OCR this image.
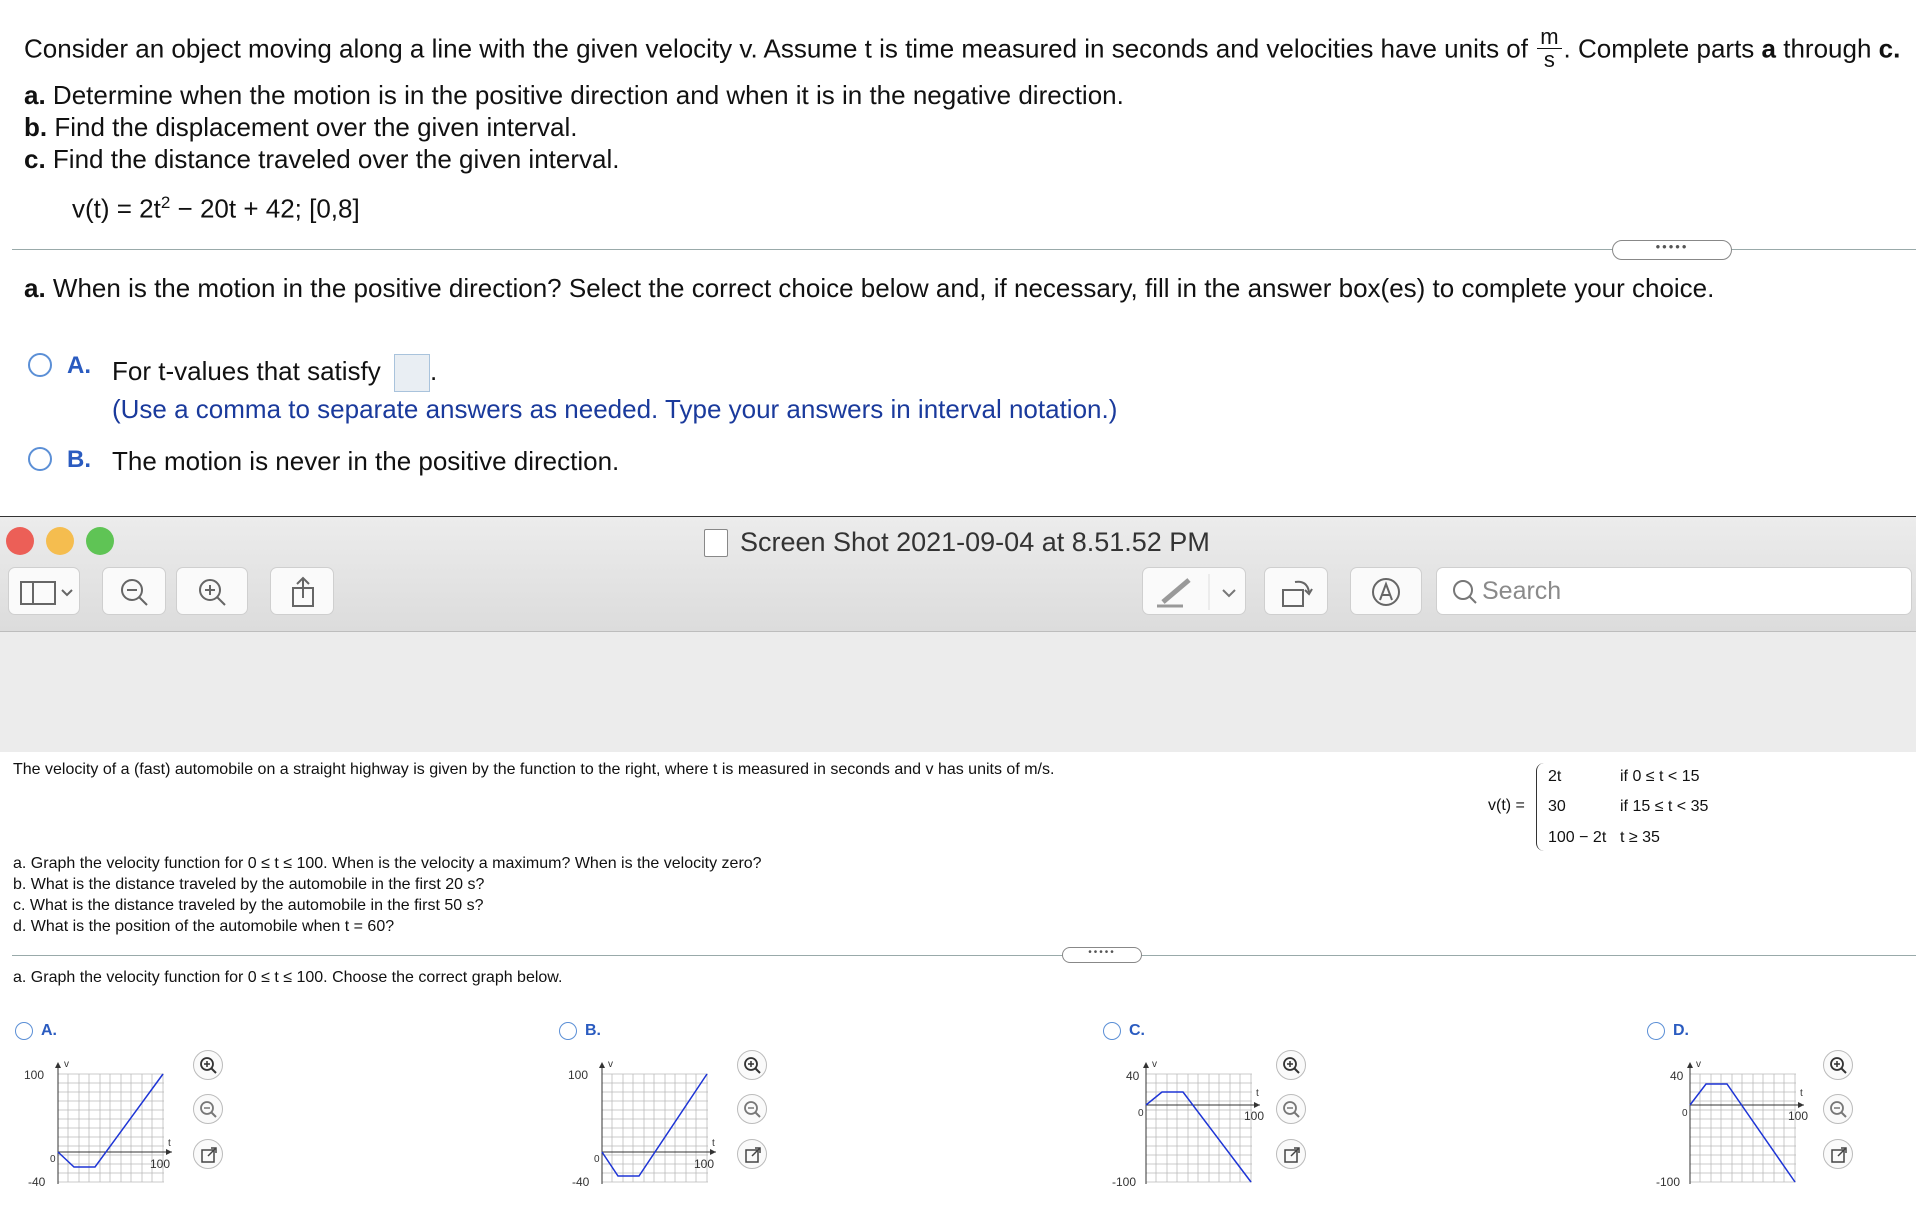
Consider an object moving along a line with the given velocity v. Assume t is time measured in seconds and velocities have units of $\frac{m}{s}$ . Complete parts a through c.
a. Determine when the motion is in the positive direction and when it is in the negative direction.
b. Find the displacement over the given interval.
c. Find the distance traveled over the given interval.
$v(t) = 2t^2 - 20t + 42$; [0,8]
•••••
a. When is the motion in the positive direction? Select the correct choice below and, if necessary, fill in the answer box(es) to complete your choice.
A. For t-values that satisfy .
(Use a comma to separate answers as needed. Type your answers in interval notation.)
B. The motion is never in the positive direction.
Screen Shot 2021-09-04 at 8.51.52 PM
Search
The velocity of a (fast) automobile on a straight highway is given by the function to the right, where t is measured in seconds and v has units of m/s.
v(t) =
2t	if 0 ≤ t < 15
30	if 15 ≤ t < 35
100 − 2t t ≥ 35
a. Graph the velocity function for 0 ≤ t ≤ 100. When is the velocity a maximum? When is the velocity zero?
b. What is the distance traveled by the automobile in the first 20 s?
c. What is the distance traveled by the automobile in the first 50 s?
d. What is the position of the automobile when t = 60?
•••••
a. Graph the velocity function for 0 ≤ t ≤ 100. Choose the correct graph below.
A.	B.	C.	D.
100
-40
100
t
v
0
100
-40
100
t
v
0
40
-100
100
t
v
0
40
-100
100
t
v
0
